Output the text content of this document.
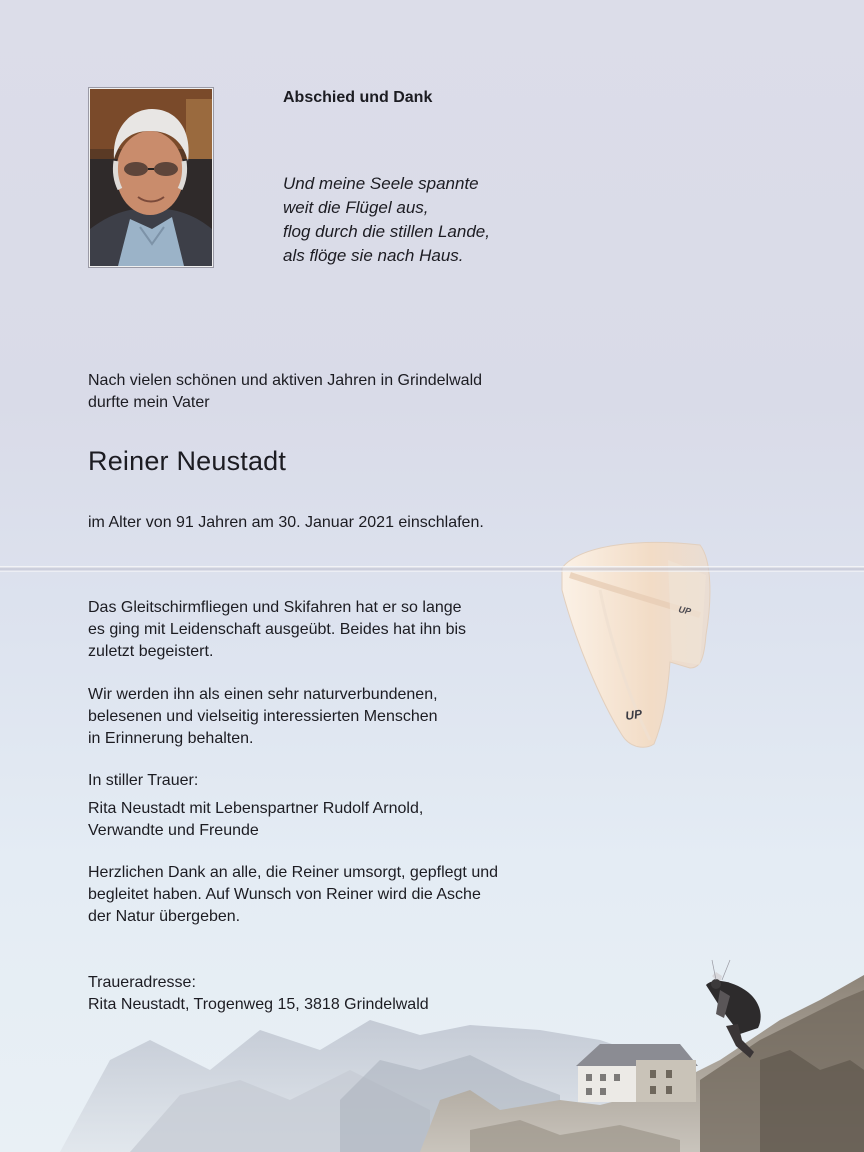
UP
UP
Abschied und Dank
Und meine Seele spannte
weit die Flügel aus,
flog durch die stillen Lande,
als flöge sie nach Haus.
Nach vielen schönen und aktiven Jahren in Grindelwald
durfte mein Vater
Reiner Neustadt
im Alter von 91 Jahren am 30. Januar 2021 einschlafen.
Das Gleitschirmfliegen und Skifahren hat er so lange
es ging mit Leidenschaft ausgeübt. Beides hat ihn bis
zuletzt begeistert.
Wir werden ihn als einen sehr naturverbundenen,
belesenen und vielseitig interessierten Menschen
in Erinnerung behalten.
In stiller Trauer:
Rita Neustadt mit Lebenspartner Rudolf Arnold,
Verwandte und Freunde
Herzlichen Dank an alle, die Reiner umsorgt, gepflegt und
begleitet haben. Auf Wunsch von Reiner wird die Asche
der Natur übergeben.
Traueradresse:
Rita Neustadt, Trogenweg 15, 3818 Grindelwald
